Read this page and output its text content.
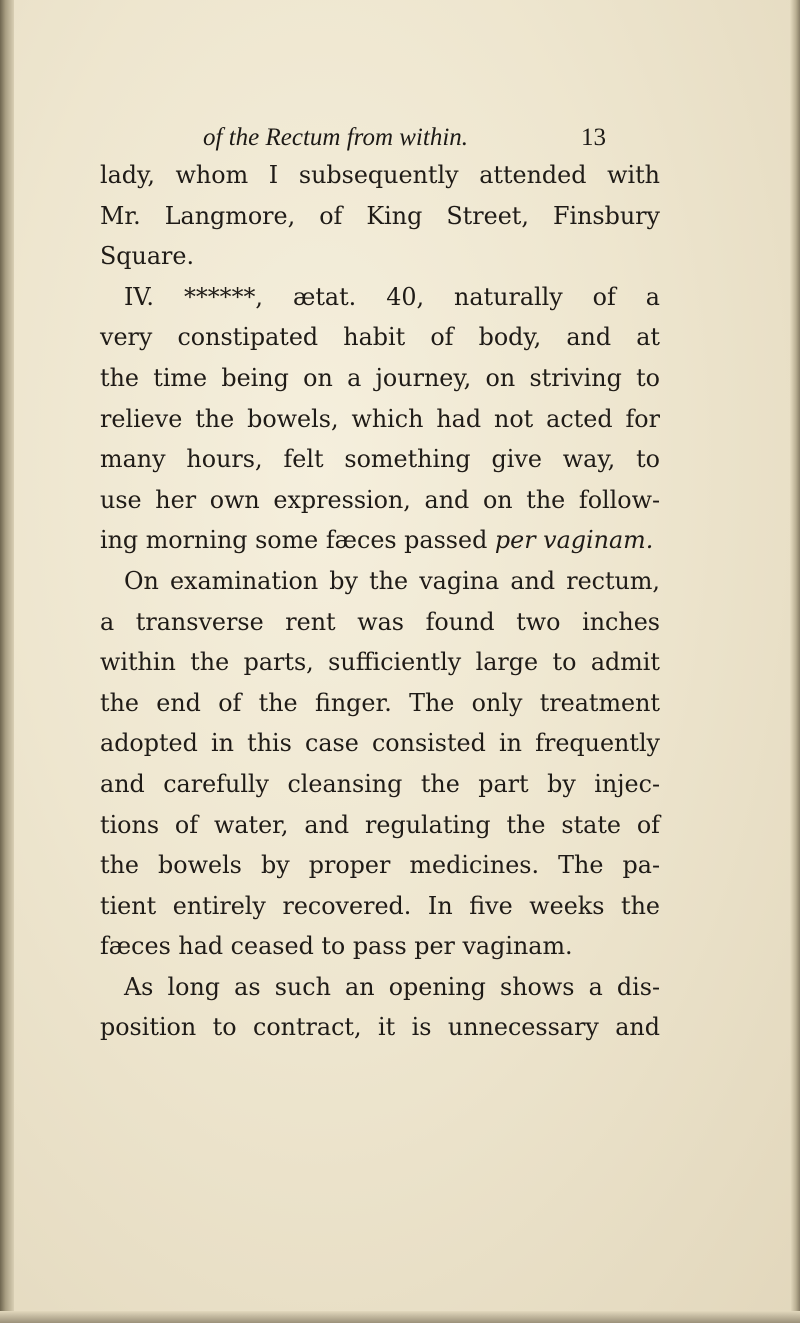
of the Rectum from within.	13
lady, whom I subsequently attended with
Mr. Langmore, of King Street, Finsbury
Square.
IV. ******, ætat. 40, naturally of a
very constipated habit of body, and at
the time being on a journey, on striving to
relieve the bowels, which had not acted for
many hours, felt something give way, to
use her own expression, and on the follow-
ing morning some fæces passed per vaginam.
On examination by the vagina and rectum,
a transverse rent was found two inches
within the parts, sufficiently large to admit
the end of the finger. The only treatment
adopted in this case consisted in frequently
and carefully cleansing the part by injec-
tions of water, and regulating the state of
the bowels by proper medicines. The pa-
tient entirely recovered. In five weeks the
fæces had ceased to pass per vaginam.
As long as such an opening shows a dis-
position to contract, it is unnecessary and
